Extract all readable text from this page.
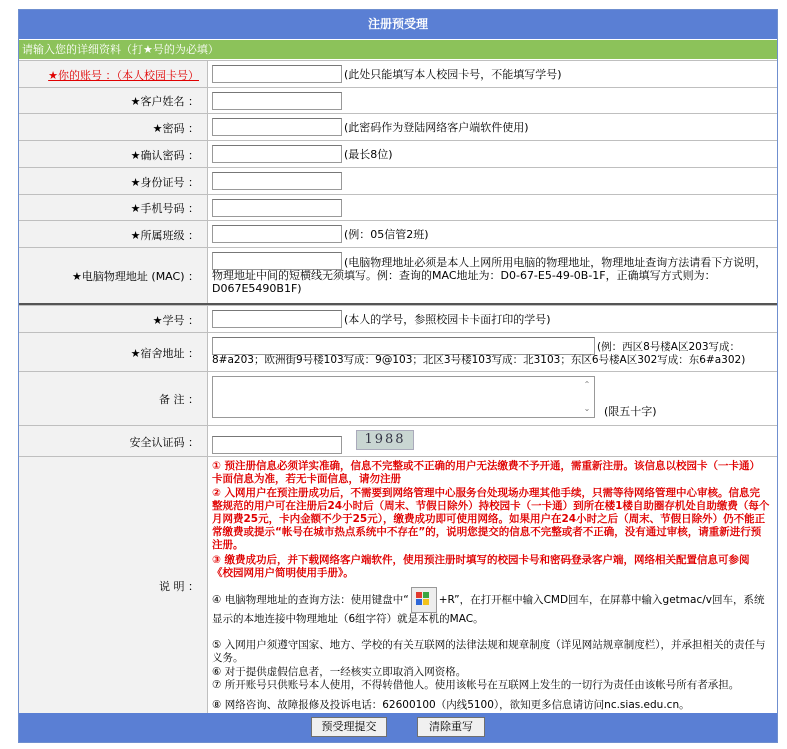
注册预受理
请输入您的详细资料（打★号的为必填）
★你的账号 ：（本人校园卡号）	(此处只能填写本人校园卡号，不能填写学号)
★客户姓名 ：
★密码 ：	(此密码作为登陆网络客户端软件使用)
★确认密码 ：	(最长8位)
★身份证号 ：
★手机号码 ：
★所属班级 ：	(例：05信管2班)
★电脑物理地址 (MAC) ：
(电脑物理地址必须是本人上网所用电脑的物理地址，物理地址查询方法请看下方说明，物理地址中间的短横线无须填写。例：查询的MAC地址为：D0-67-E5-49-0B-1F，正确填写方式则为：D067E5490B1F)
★学号 ：	(本人的学号，参照校园卡卡面打印的学号)
★宿舍地址 ：	(例：西区8号楼A区203写成：8#a203；欧洲街9号楼103写成：9@103；北区3号楼103写成：北3103；东区6号楼A区302写成：东6#a302)
备 注 ：
⌃
⌄ (限五十字)
安全认证码 ：	1988
说 明 ：
① 预注册信息必须详实准确，信息不完整或不正确的用户无法缴费不予开通，需重新注册。该信息以校园卡（一卡通）卡面信息为准，若无卡面信息，请勿注册
② 入网用户在预注册成功后，不需要到网络管理中心服务台处现场办理其他手续，只需等待网络管理中心审核。信息完整规范的用户可在注册后24小时后（周末、节假日除外）持校园卡（一卡通）到所在楼1楼自助圈存机处自助缴费（每个月网费25元，卡内金额不少于25元），缴费成功即可使用网络。如果用户在24小时之后（周末、节假日除外）仍不能正常缴费或提示“帐号在城市热点系统中不存在”的，说明您提交的信息不完整或者不正确，没有通过审核，请重新进行预注册。
③ 缴费成功后，并下载网络客户端软件，使用预注册时填写的校园卡号和密码登录客户端，网络相关配置信息可参阅《校园网用户简明使用手册》。
④ 电脑物理地址的查询方法：使用键盘中“	+R”，在打开框中输入CMD回车，在屏幕中输入getmac/v回车，系统显示的本地连接中物理地址（6组字符）就是本机的MAC。
⑤ 入网用户须遵守国家、地方、学校的有关互联网的法律法规和规章制度（详见网站规章制度栏），并承担相关的责任与义务。
⑥ 对于提供虚假信息者，一经核实立即取消入网资格。
⑦ 所开账号只供账号本人使用，不得转借他人。使用该帐号在互联网上发生的一切行为责任由该帐号所有者承担。
⑧ 网络咨询、故障报修及投诉电话：62600100（内线5100），欲知更多信息请访问nc.sias.edu.cn。
预受理提交	清除重写
